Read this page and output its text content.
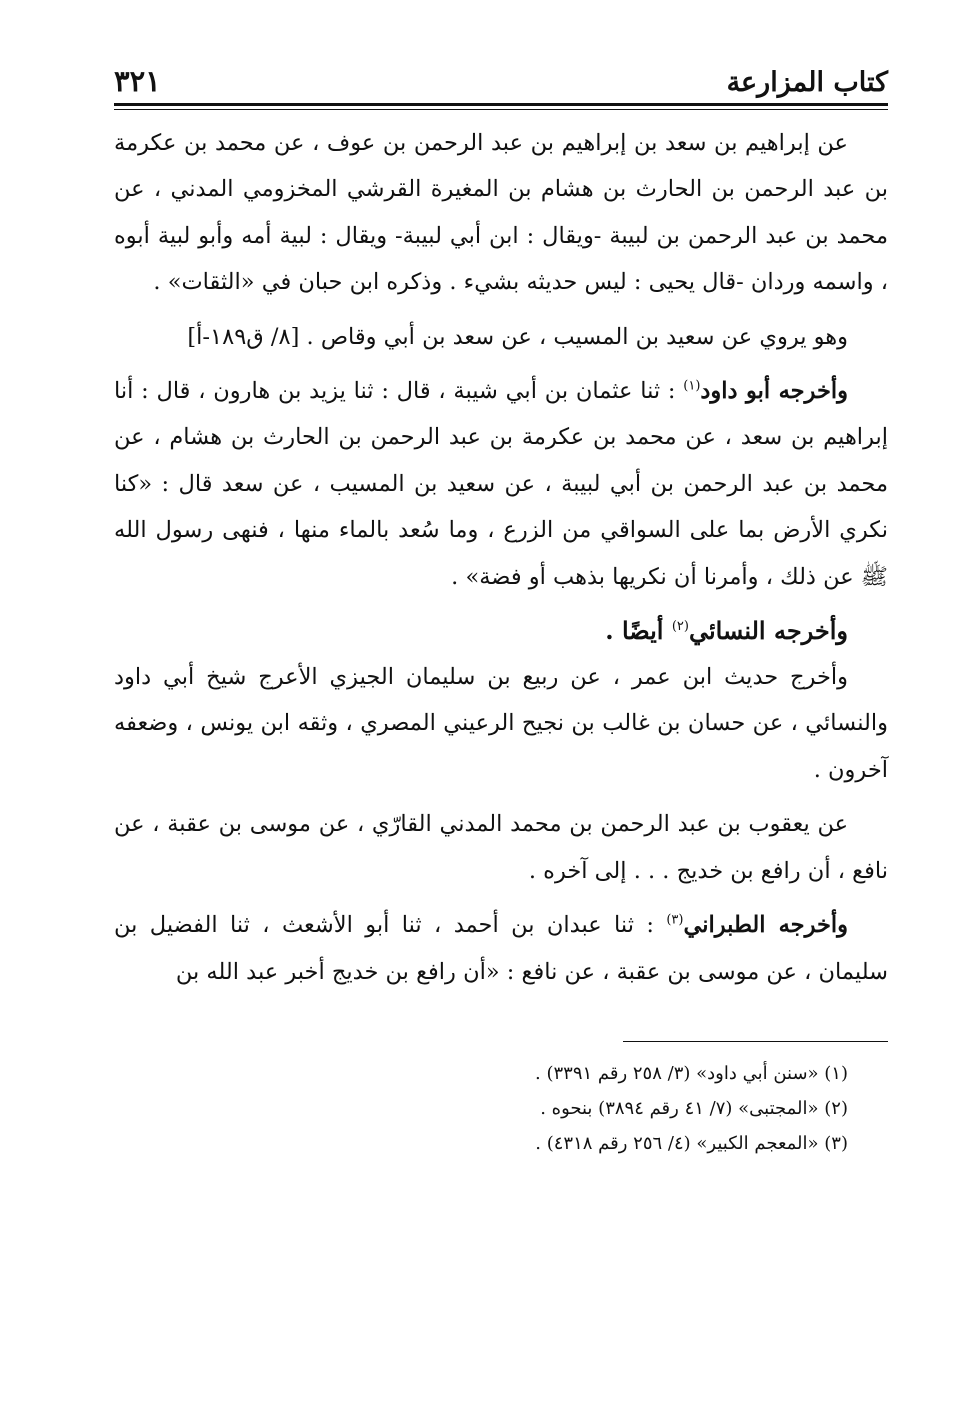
كتاب المزارعة
٣٢١

عن إبراهيم بن سعد بن إبراهيم بن عبد الرحمن بن عوف ، عن محمد بن عكرمة بن عبد الرحمن بن الحارث بن هشام بن المغيرة القرشي المخزومي المدني ، عن محمد بن عبد الرحمن بن لبيبة -ويقال : ابن أبي لبيبة- ويقال : لبية أمه وأبو لبية أبوه ، واسمه وردان -قال يحيى : ليس حديثه بشيء . وذكره ابن حبان في «الثقات» .

وهو يروي عن سعيد بن المسيب ، عن سعد بن أبي وقاص . [٨/ ق١٨٩-أ]

وأخرجه أبو داود$^{(١)}$ : ثنا عثمان بن أبي شيبة ، قال : ثنا يزيد بن هارون ، قال : أنا إبراهيم بن سعد ، عن محمد بن عكرمة بن عبد الرحمن بن الحارث بن هشام ، عن محمد بن عبد الرحمن بن أبي لبيبة ، عن سعيد بن المسيب ، عن سعد قال : «كنا نكري الأرض بما على السواقي من الزرع ، وما سُعد بالماء منها ، فنهى رسول الله ﷺ عن ذلك ، وأمرنا أن نكريها بذهب أو فضة» .

وأخرجه النسائي$^{(٢)}$ أيضًا .

وأخرج حديث ابن عمر ، عن ربيع بن سليمان الجيزي الأعرج شيخ أبي داود والنسائي ، عن حسان بن غالب بن نجيح الرعيني المصري ، وثقه ابن يونس ، وضعفه آخرون .

عن يعقوب بن عبد الرحمن بن محمد المدني القارّي ، عن موسى بن عقبة ، عن نافع ، أن رافع بن خديج . . . إلى آخره .

وأخرجه الطبراني$^{(٣)}$ : ثنا عبدان بن أحمد ، ثنا أبو الأشعث ، ثنا الفضيل بن سليمان ، عن موسى بن عقبة ، عن نافع : «أن رافع بن خديج أخبر عبد الله بن

(١) «سنن أبي داود» (٣/ ٢٥٨ رقم ٣٣٩١) .

(٢) «المجتبى» (٧/ ٤١ رقم ٣٨٩٤) بنحوه .

(٣) «المعجم الكبير» (٤/ ٢٥٦ رقم ٤٣١٨) .
